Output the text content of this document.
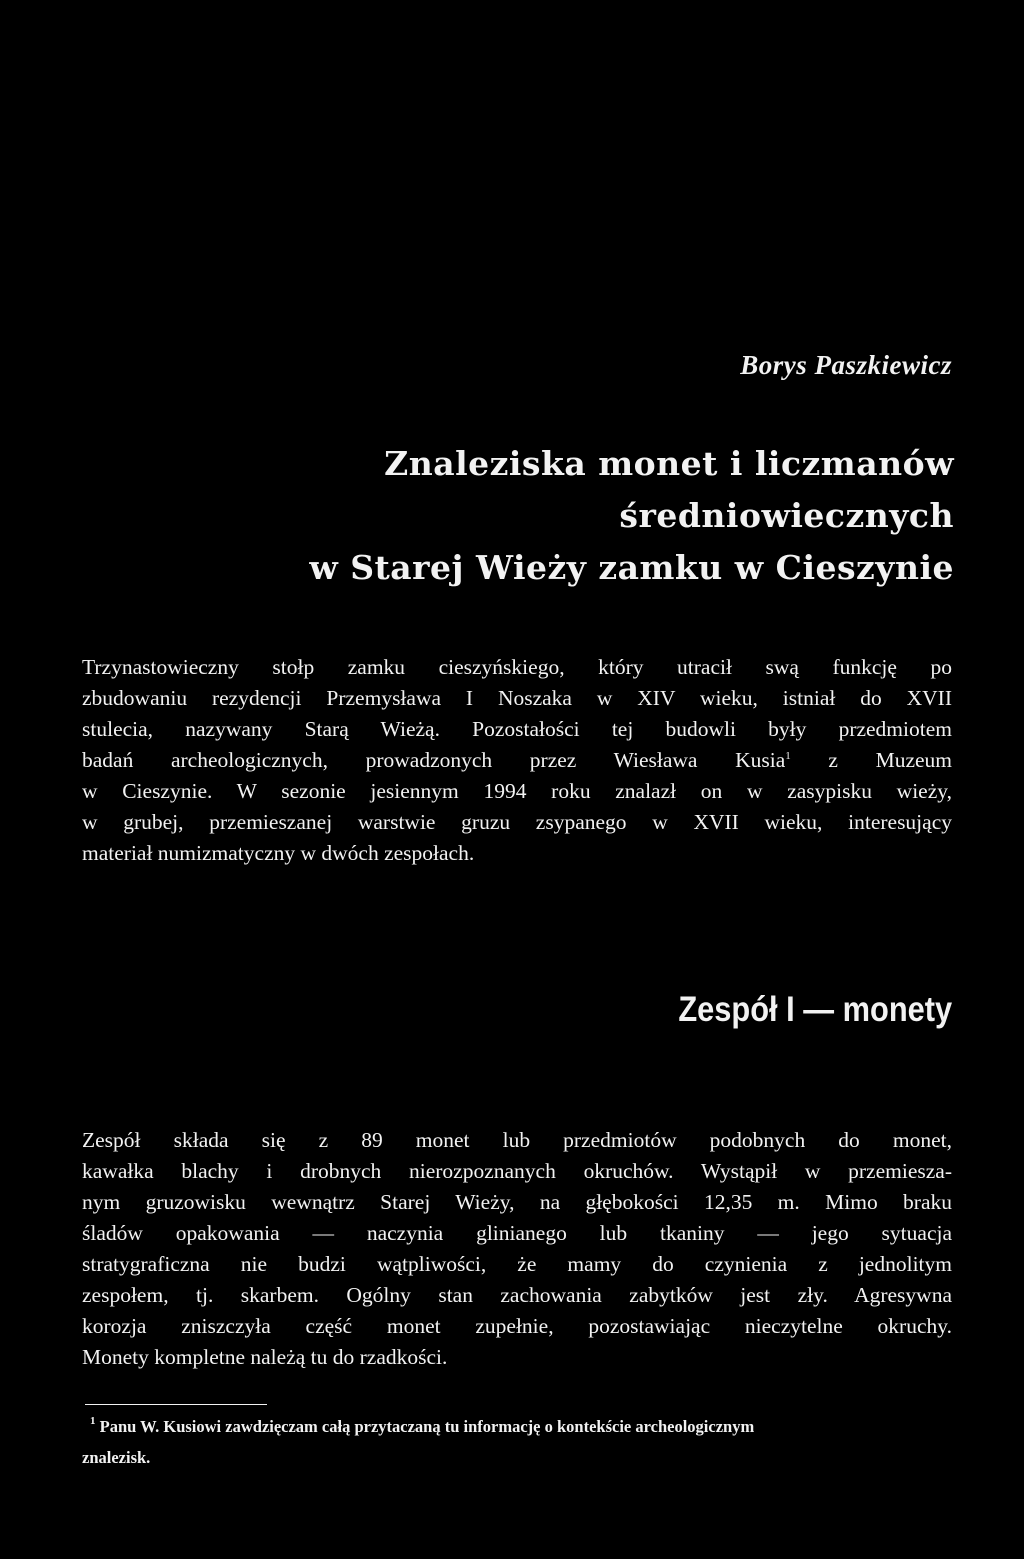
Borys Paszkiewicz

Znaleziska monet i liczmanów średniowiecznych
w Starej Wieży zamku w Cieszynie
Trzynastowieczny stołp zamku cieszyńskiego, który utracił swą funkcję po
zbudowaniu rezydencji Przemysława I Noszaka w XIV wieku, istniał do XVII
stulecia, nazywany Starą Wieżą. Pozostałości tej budowli były przedmiotem
badań archeologicznych, prowadzonych przez Wiesława Kusia$^1$ z Muzeum
w Cieszynie. W sezonie jesiennym 1994 roku znalazł on w zasypisku wieży,
w grubej, przemieszanej warstwie gruzu zsypanego w XVII wieku, interesujący
materiał numizmatyczny w dwóch zespołach.
Zespół I — monety
Zespół składa się z 89 monet lub przedmiotów podobnych do monet,
kawałka blachy i drobnych nierozpoznanych okruchów. Wystąpił w przemiesza-
nym gruzowisku wewnątrz Starej Wieży, na głębokości 12,35 m. Mimo braku
śladów opakowania — naczynia glinianego lub tkaniny — jego sytuacja
stratygraficzna nie budzi wątpliwości, że mamy do czynienia z jednolitym
zespołem, tj. skarbem. Ogólny stan zachowania zabytków jest zły. Agresywna
korozja zniszczyła część monet zupełnie, pozostawiając nieczytelne okruchy.
Monety kompletne należą tu do rzadkości.
$^1$ Panu W. Kusiowi zawdzięczam całą przytaczaną tu informację o kontekście archeologicznym
znalezisk.
